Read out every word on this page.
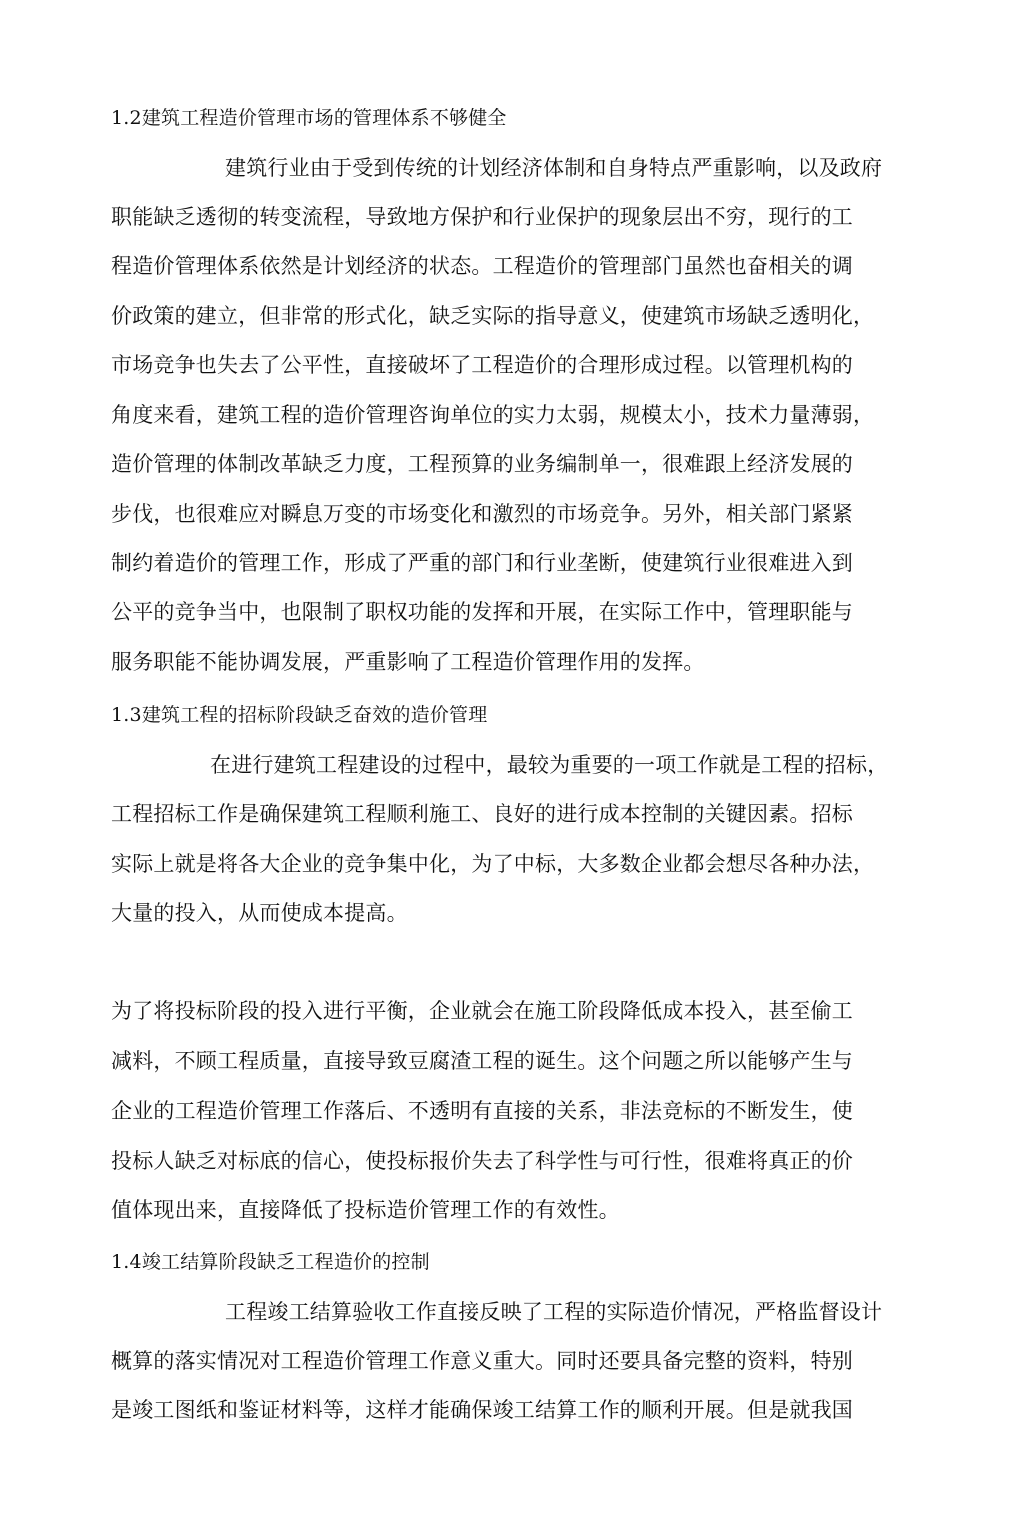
1.2建筑工程造价管理市场的管理体系不够健全
建筑行业由于受到传统的计划经济体制和自身特点严重影响，以及政府
职能缺乏透彻的转变流程，导致地方保护和行业保护的现象层出不穷，现行的工
程造价管理体系依然是计划经济的状态。工程造价的管理部门虽然也奋相关的调
价政策的建立，但非常的形式化，缺乏实际的指导意义，使建筑市场缺乏透明化，
市场竞争也失去了公平性，直接破坏了工程造价的合理形成过程。以管理机构的
角度来看，建筑工程的造价管理咨询单位的实力太弱，规模太小，技术力量薄弱，
造价管理的体制改革缺乏力度，工程预算的业务编制单一，很难跟上经济发展的
步伐，也很难应对瞬息万变的市场变化和激烈的市场竞争。另外，相关部门紧紧
制约着造价的管理工作，形成了严重的部门和行业垄断，使建筑行业很难进入到
公平的竞争当中，也限制了职权功能的发挥和开展，在实际工作中，管理职能与
服务职能不能协调发展，严重影响了工程造价管理作用的发挥。
1.3建筑工程的招标阶段缺乏奋效的造价管理
在进行建筑工程建设的过程中，最较为重要的一项工作就是工程的招标，
工程招标工作是确保建筑工程顺利施工、良好的进行成本控制的关键因素。招标
实际上就是将各大企业的竞争集中化，为了中标，大多数企业都会想尽各种办法，
大量的投入，从而使成本提高。
为了将投标阶段的投入进行平衡，企业就会在施工阶段降低成本投入，甚至偷工
减料，不顾工程质量，直接导致豆腐渣工程的诞生。这个问题之所以能够产生与
企业的工程造价管理工作落后、不透明有直接的关系，非法竞标的不断发生，使
投标人缺乏对标底的信心，使投标报价失去了科学性与可行性，很难将真正的价
值体现出来，直接降低了投标造价管理工作的有效性。
1.4竣工结算阶段缺乏工程造价的控制
工程竣工结算验收工作直接反映了工程的实际造价情况，严格监督设计
概算的落实情况对工程造价管理工作意义重大。同时还要具备完整的资料，特别
是竣工图纸和鉴证材料等，这样才能确保竣工结算工作的顺利开展。但是就我国
